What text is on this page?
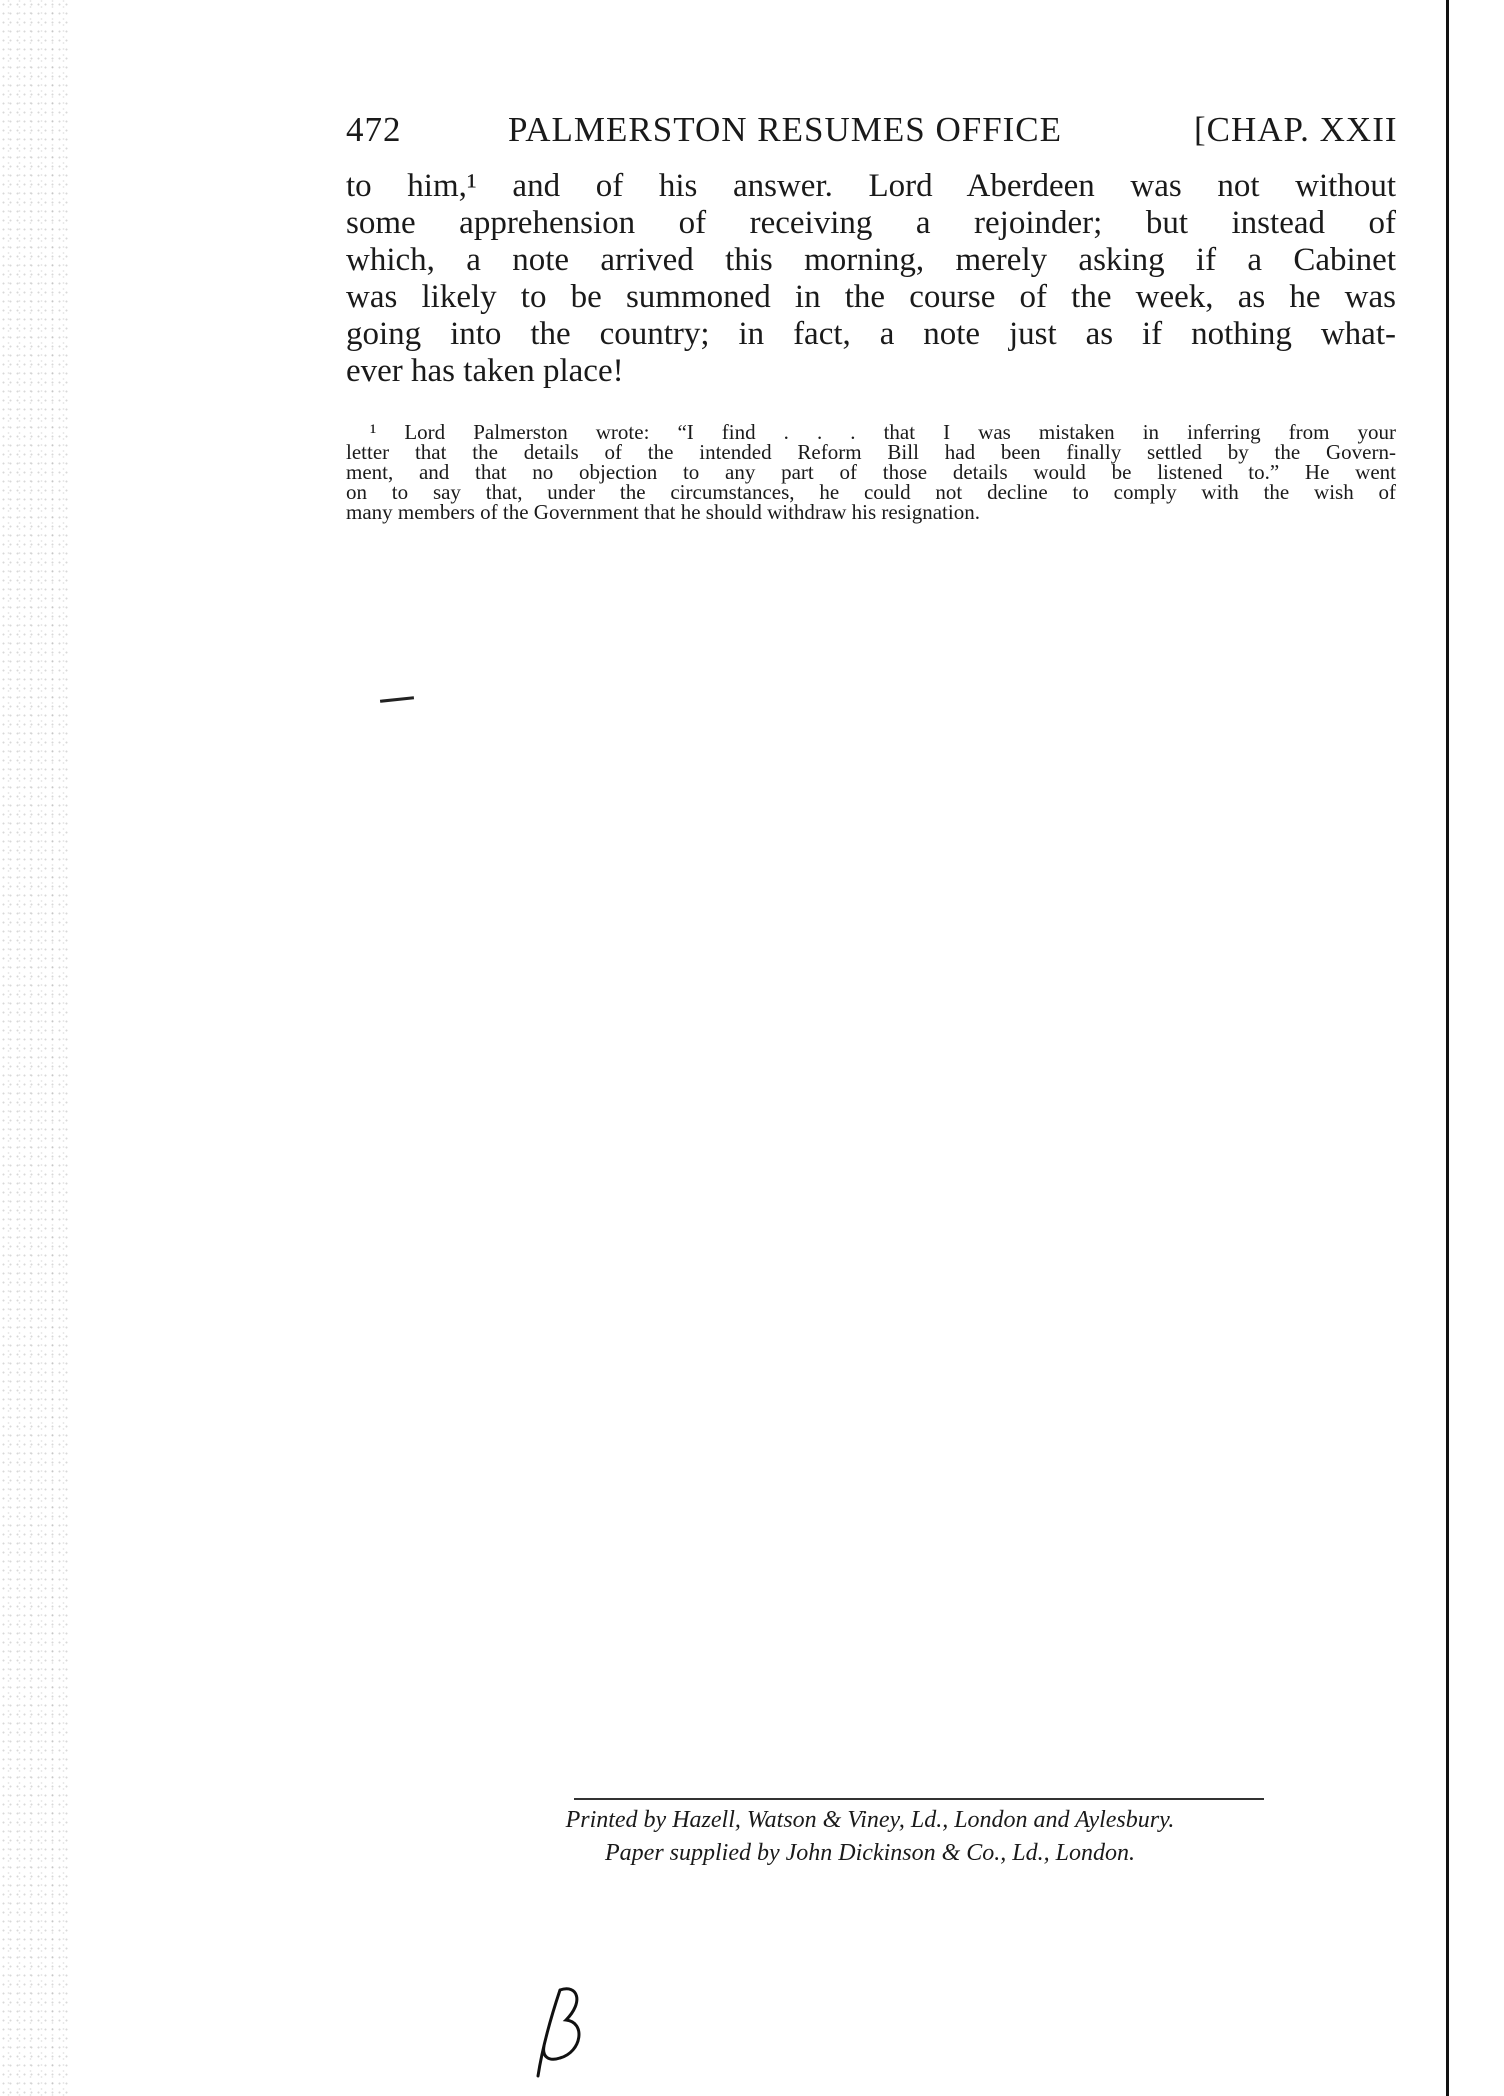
472	PALMERSTON RESUMES OFFICE	[CHAP. XXII
to him,¹ and of his answer. Lord Aberdeen was not without
some apprehension of receiving a rejoinder; but instead of
which, a note arrived this morning, merely asking if a Cabinet
was likely to be summoned in the course of the week, as he was
going into the country; in fact, a note just as if nothing what-
ever has taken place!
¹ Lord Palmerston wrote: “I find . . . that I was mistaken in inferring from your
letter that the details of the intended Reform Bill had been finally settled by the Govern-
ment, and that no objection to any part of those details would be listened to.” He went
on to say that, under the circumstances, he could not decline to comply with the wish of
many members of the Government that he should withdraw his resignation.
Printed by Hazell, Watson & Viney, Ld., London and Aylesbury.
Paper supplied by John Dickinson & Co., Ld., London.
